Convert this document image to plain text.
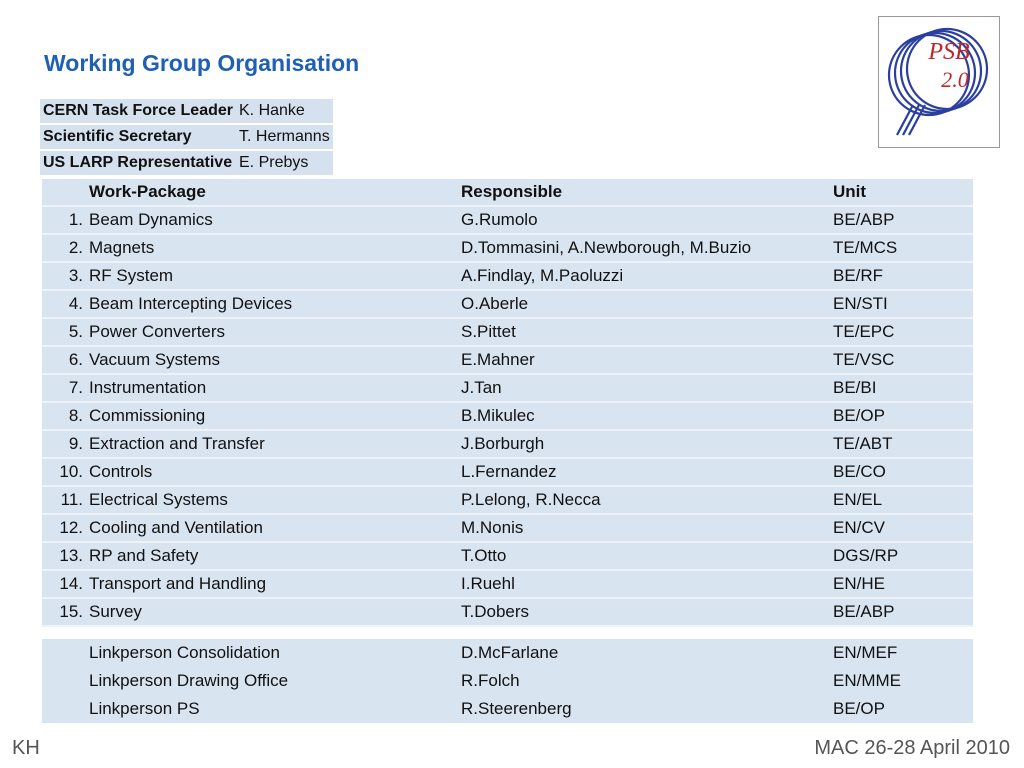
Working Group Organisation	PSB
2.0
CERN Task Force Leader	K. Hanke
Scientific Secretary	T. Hermanns
US LARP Representative	E. Prebys
	Work-Package	Responsible	Unit
1.	Beam Dynamics	G.Rumolo	BE/ABP
2.	Magnets	D.Tommasini, A.Newborough, M.Buzio	TE/MCS
3.	RF System	A.Findlay, M.Paoluzzi	BE/RF
4.	Beam Intercepting Devices	O.Aberle	EN/STI
5.	Power Converters	S.Pittet	TE/EPC
6.	Vacuum Systems	E.Mahner	TE/VSC
7.	Instrumentation	J.Tan	BE/BI
8.	Commissioning	B.Mikulec	BE/OP
9.	Extraction and Transfer	J.Borburgh	TE/ABT
10.	Controls	L.Fernandez	BE/CO
11.	Electrical Systems	P.Lelong, R.Necca	EN/EL
12.	Cooling and Ventilation	M.Nonis	EN/CV
13.	RP and Safety	T.Otto	DGS/RP
14.	Transport and Handling	I.Ruehl	EN/HE
15.	Survey	T.Dobers	BE/ABP
	Linkperson Consolidation	D.McFarlane	EN/MEF
	Linkperson Drawing Office	R.Folch	EN/MME
	Linkperson PS	R.Steerenberg	BE/OP
KH	MAC 26-28 April 2010
